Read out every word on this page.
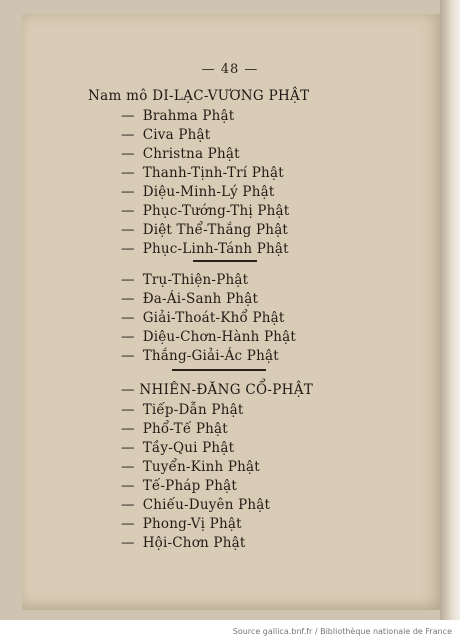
— 48 —
Nam mô DI-LẠC-VƯƠNG PHẬT
— Brahma Phật
— Civa Phật
— Christna Phật
— Thanh-Tịnh-Trí Phật
— Diệu-Minh-Lý Phật
— Phục-Tướng-Thị Phật
— Diệt Thể-Thắng Phật
— Phục-Linh-Tánh Phật
— Trụ-Thiện-Phật
— Đa-Ái-Sanh Phật
— Giải-Thoát-Khổ Phật
— Diệu-Chơn-Hành Phật
— Thắng-Giải-Ác Phật
— NHIÊN-ĐĂNG CỔ-PHẬT
— Tiếp-Dẫn Phật
— Phổ-Tế Phật
— Tầy-Qui Phật
— Tuyển-Kinh Phật
— Tế-Pháp Phật
— Chiếu-Duyên Phật
— Phong-Vị Phật
— Hội-Chơn Phật
Source gallica.bnf.fr / Bibliothèque nationale de France
